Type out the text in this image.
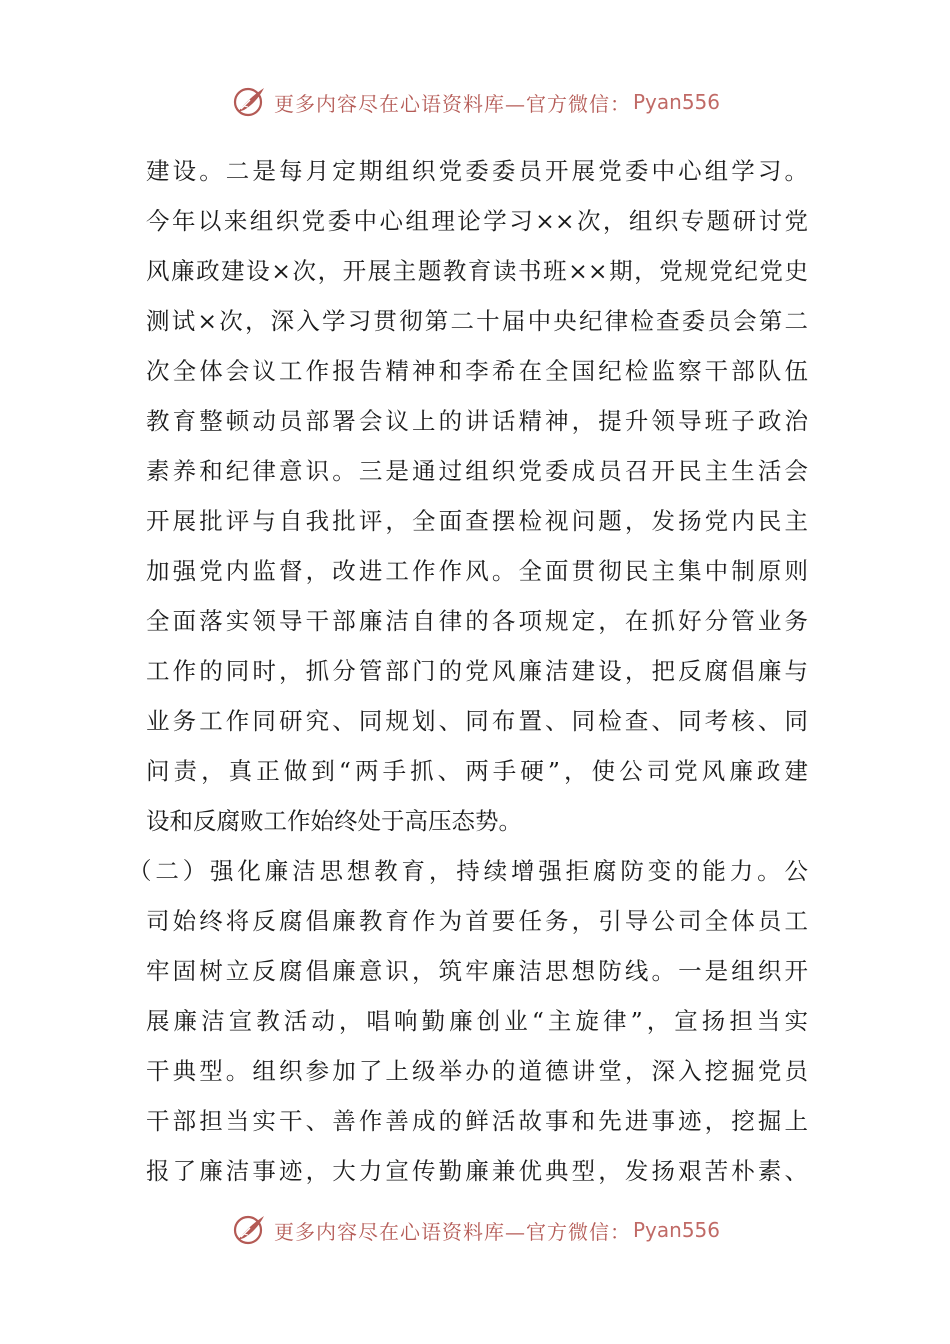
更多内容尽在心语资料库—官方微信： Pyan556
建设。二是每月定期组织党委委员开展党委中心组学习。
今年以来组织党委中心组理论学习××次，组织专题研讨党
风廉政建设×次，开展主题教育读书班××期，党规党纪党史
测试×次，深入学习贯彻第二十届中央纪律检查委员会第二
次全体会议工作报告精神和李希在全国纪检监察干部队伍
教育整顿动员部署会议上的讲话精神，提升领导班子政治
素养和纪律意识。三是通过组织党委成员召开民主生活会
开展批评与自我批评，全面查摆检视问题，发扬党内民主
加强党内监督，改进工作作风。全面贯彻民主集中制原则
全面落实领导干部廉洁自律的各项规定，在抓好分管业务
工作的同时，抓分管部门的党风廉洁建设，把反腐倡廉与
业务工作同研究、同规划、同布置、同检查、同考核、同
问责，真正做到“两手抓、两手硬”，使公司党风廉政建
设和反腐败工作始终处于高压态势。
（二）强化廉洁思想教育，持续增强拒腐防变的能力。公
司始终将反腐倡廉教育作为首要任务，引导公司全体员工
牢固树立反腐倡廉意识，筑牢廉洁思想防线。一是组织开
展廉洁宣教活动，唱响勤廉创业“主旋律”，宣扬担当实
干典型。组织参加了上级举办的道德讲堂，深入挖掘党员
干部担当实干、善作善成的鲜活故事和先进事迹，挖掘上
报了廉洁事迹，大力宣传勤廉兼优典型，发扬艰苦朴素、
更多内容尽在心语资料库—官方微信： Pyan556
